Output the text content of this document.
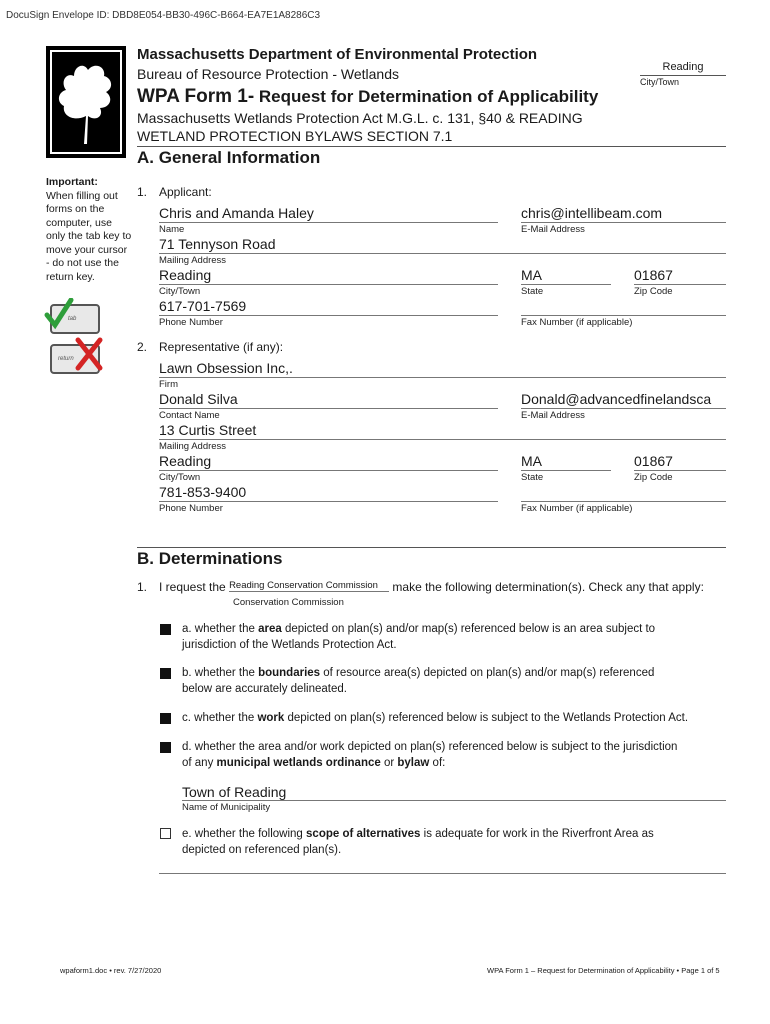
DocuSign Envelope ID: DBD8E054-BB30-496C-B664-EA7E1A8286C3
Massachusetts Department of Environmental Protection
Bureau of Resource Protection - Wetlands	Reading
City/Town
WPA Form 1- Request for Determination of Applicability
Massachusetts Wetlands Protection Act M.G.L. c. 131, §40 & READING
WETLAND PROTECTION BYLAWS SECTION 7.1
A. General Information
Important:
When filling out forms on the computer, use only the tab key to move your cursor - do not use the return key.
tab
return
1. Applicant:
Chris and Amanda Haley
Name
chris@intellibeam.com
E-Mail Address
71 Tennyson Road
Mailing Address
Reading
City/Town
MA
State
01867
Zip Code
617-701-7569
Phone Number	Fax Number (if applicable)
2. Representative (if any):
Lawn Obsession Inc,.
Firm
Donald Silva
Contact Name
Donald@advancedfinelandsca
E-Mail Address
13 Curtis Street
Mailing Address
Reading
City/Town
MA
State
01867
Zip Code
781-853-9400
Phone Number	Fax Number (if applicable)
B. Determinations
1. I request the Reading Conservation Commission make the following determination(s). Check any that apply:
Conservation Commission
a. whether the area depicted on plan(s) and/or map(s) referenced below is an area subject to
jurisdiction of the Wetlands Protection Act.
b. whether the boundaries of resource area(s) depicted on plan(s) and/or map(s) referenced
below are accurately delineated.
c. whether the work depicted on plan(s) referenced below is subject to the Wetlands Protection Act.
d. whether the area and/or work depicted on plan(s) referenced below is subject to the jurisdiction
of any municipal wetlands ordinance or bylaw of:
Town of Reading
Name of Municipality
e. whether the following scope of alternatives is adequate for work in the Riverfront Area as
depicted on referenced plan(s).
wpaform1.doc • rev. 7/27/2020	WPA Form 1 – Request for Determination of Applicability • Page 1 of 5
